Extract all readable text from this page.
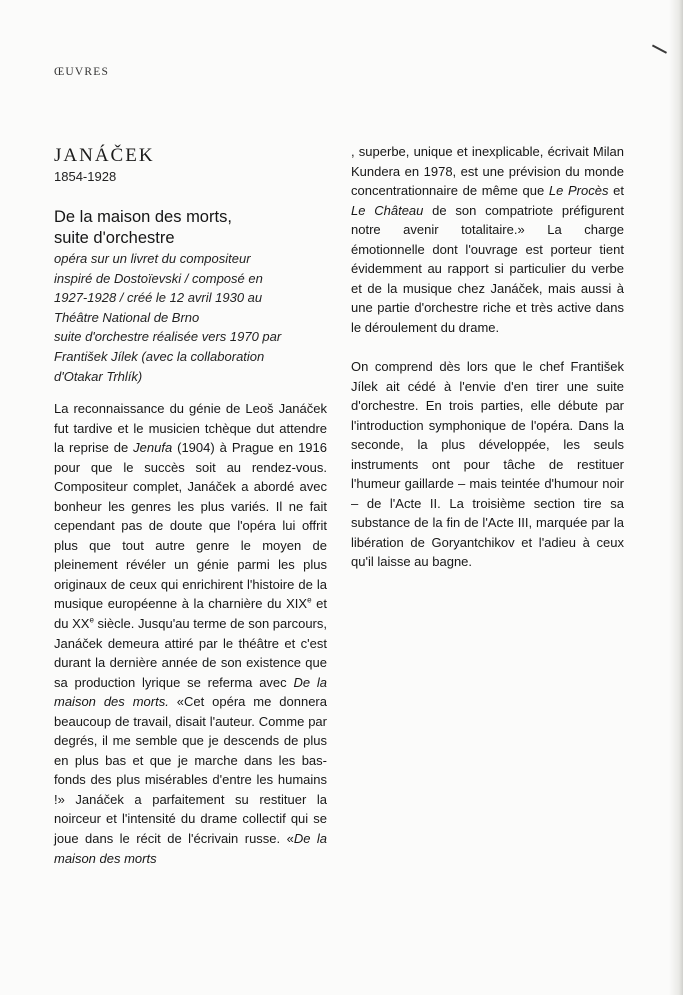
ŒUVRES
JANÁČEK
1854-1928
De la maison des morts,
suite d'orchestre
opéra sur un livret du compositeur
inspiré de Dostoïevski / composé en
1927-1928 / créé le 12 avril 1930 au
Théâtre National de Brno
suite d'orchestre réalisée vers 1970 par
František Jílek (avec la collaboration
d'Otakar Trhlík)

La reconnaissance du génie de Leoš Janáček fut tardive et le musicien tchèque dut attendre la reprise de Jenufa (1904) à Prague en 1916 pour que le succès soit au rendez-vous. Compositeur complet, Janáček a abordé avec bonheur les genres les plus variés. Il ne fait cependant pas de doute que l'opéra lui offrit plus que tout autre genre le moyen de pleinement révéler un génie parmi les plus originaux de ceux qui enrichirent l'histoire de la musique européenne à la charnière du XIXe et du XXe siècle. Jusqu'au terme de son parcours, Janáček demeura attiré par le théâtre et c'est durant la dernière année de son existence que sa production lyrique se referma avec De la maison des morts. «Cet opéra me donnera beaucoup de travail, disait l'auteur. Comme par degrés, il me semble que je descends de plus en plus bas et que je marche dans les bas-fonds des plus misérables d'entre les humains !» Janáček a parfaitement su restituer la noirceur et l'intensité du drame collectif qui se joue dans le récit de l'écrivain russe. «De la maison des morts

, superbe, unique et inexplicable, écrivait Milan Kundera en 1978, est une prévision du monde concentrationnaire de même que Le Procès et Le Château de son compatriote préfigurent notre avenir totalitaire.» La charge émotionnelle dont l'ouvrage est porteur tient évidemment au rapport si particulier du verbe et de la musique chez Janáček, mais aussi à une partie d'orchestre riche et très active dans le déroulement du drame.

On comprend dès lors que le chef František Jílek ait cédé à l'envie d'en tirer une suite d'orchestre. En trois parties, elle débute par l'introduction symphonique de l'opéra. Dans la seconde, la plus développée, les seuls instruments ont pour tâche de restituer l'humeur gaillarde – mais teintée d'humour noir – de l'Acte II. La troisième section tire sa substance de la fin de l'Acte III, marquée par la libération de Goryantchikov et l'adieu à ceux qu'il laisse au bagne.
